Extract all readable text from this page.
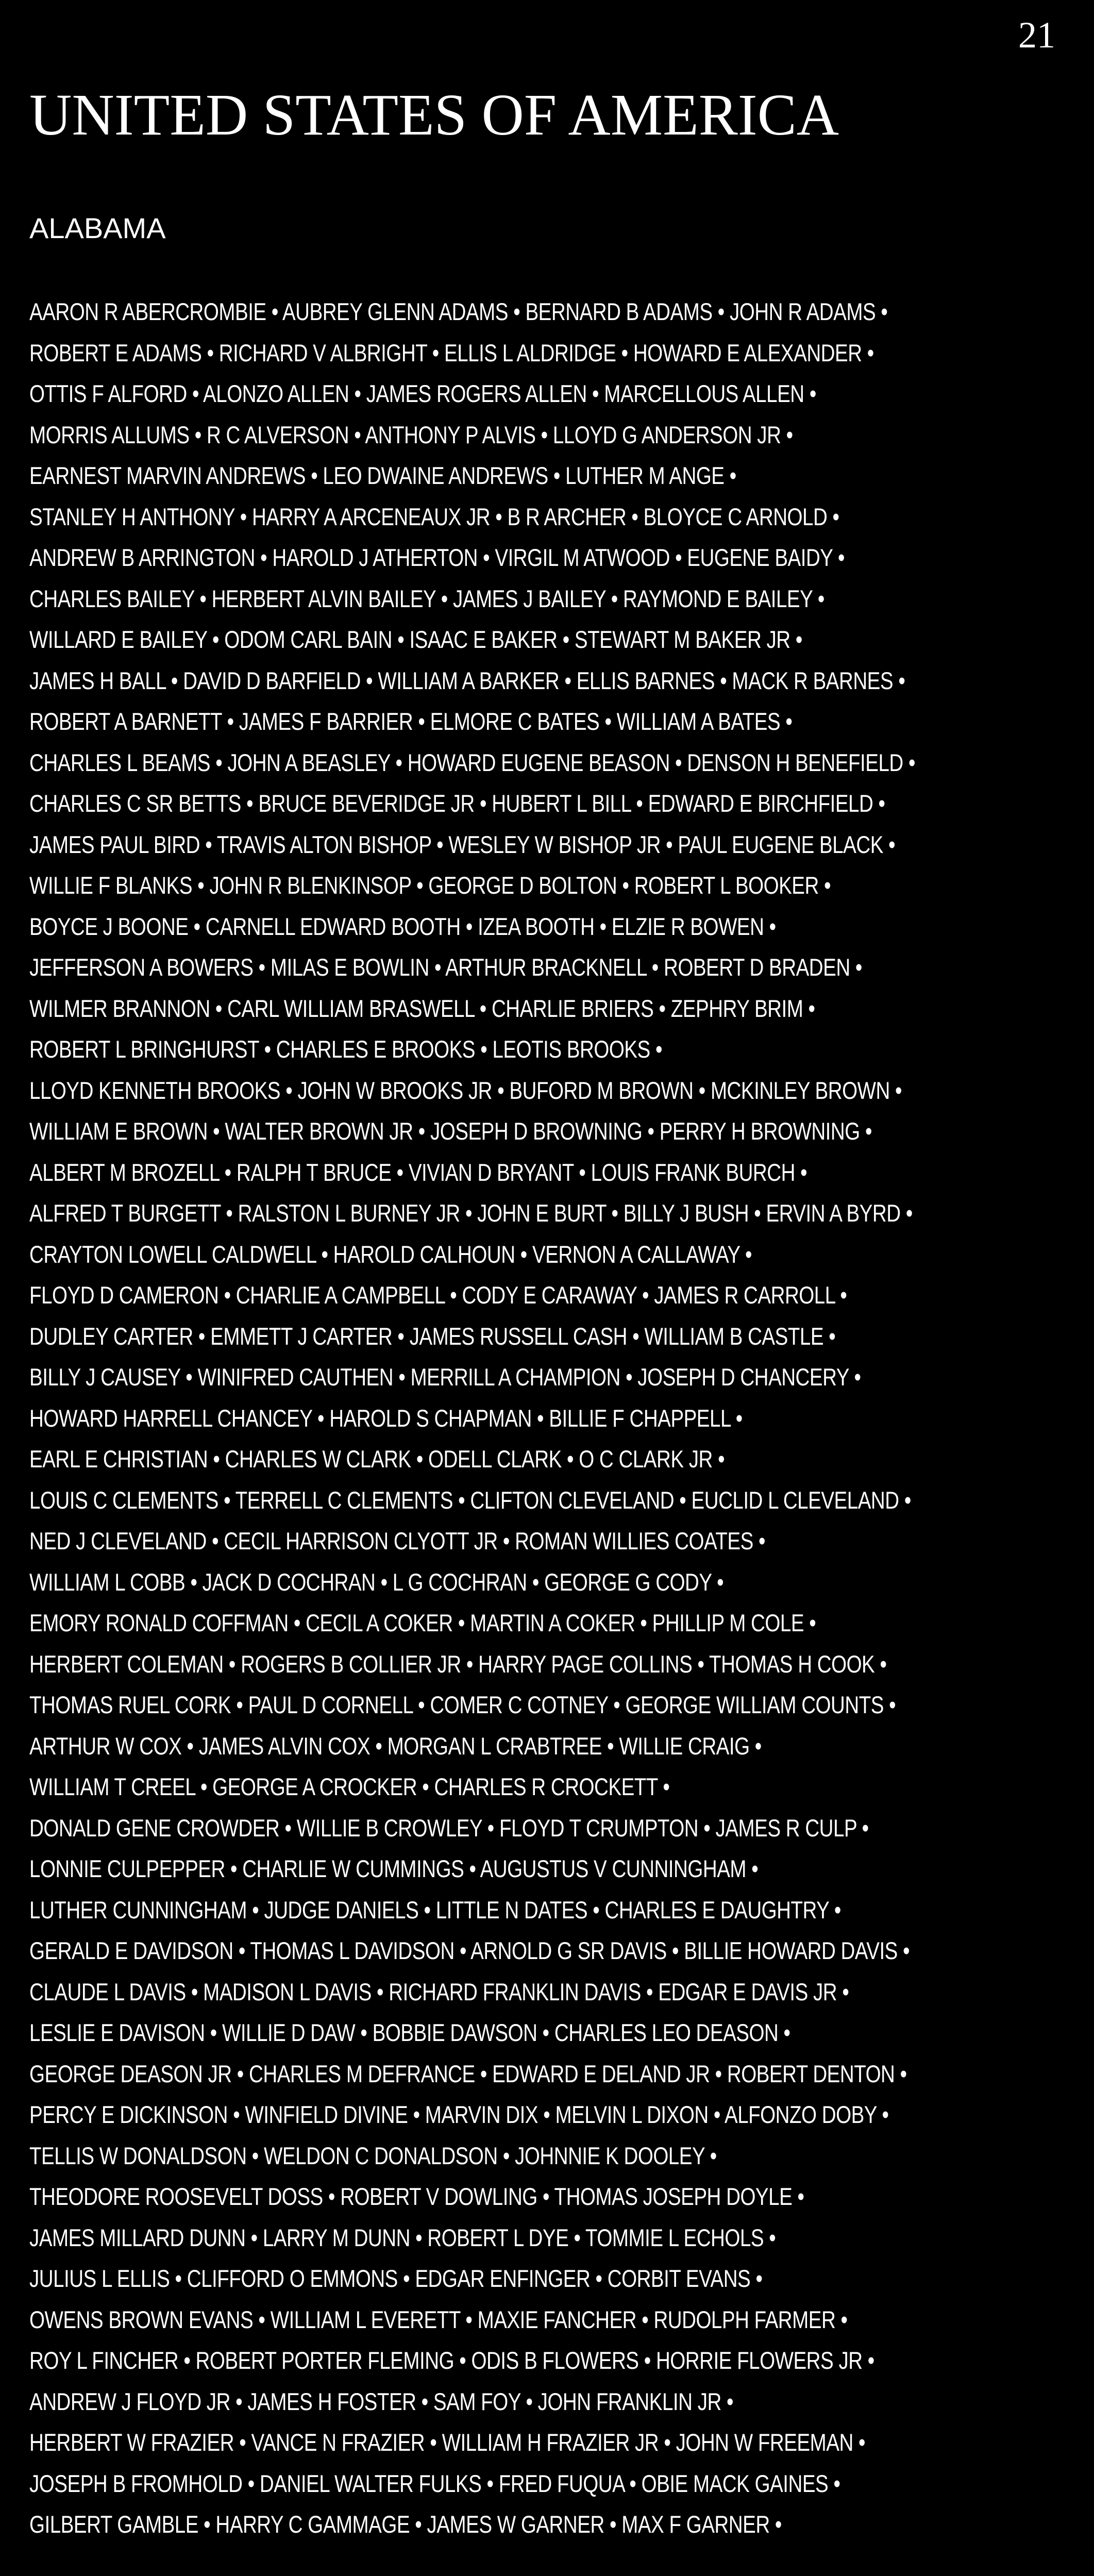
21
UNITED STATES OF AMERICA
ALABAMA
AARON R ABERCROMBIE • AUBREY GLENN ADAMS • BERNARD B ADAMS • JOHN R ADAMS •
ROBERT E ADAMS • RICHARD V ALBRIGHT • ELLIS L ALDRIDGE • HOWARD E ALEXANDER •
OTTIS F ALFORD • ALONZO ALLEN • JAMES ROGERS ALLEN • MARCELLOUS ALLEN •
MORRIS ALLUMS • R C ALVERSON • ANTHONY P ALVIS • LLOYD G ANDERSON JR •
EARNEST MARVIN ANDREWS • LEO DWAINE ANDREWS • LUTHER M ANGE •
STANLEY H ANTHONY • HARRY A ARCENEAUX JR • B R ARCHER • BLOYCE C ARNOLD •
ANDREW B ARRINGTON • HAROLD J ATHERTON • VIRGIL M ATWOOD • EUGENE BAIDY •
CHARLES BAILEY • HERBERT ALVIN BAILEY • JAMES J BAILEY • RAYMOND E BAILEY •
WILLARD E BAILEY • ODOM CARL BAIN • ISAAC E BAKER • STEWART M BAKER JR •
JAMES H BALL • DAVID D BARFIELD • WILLIAM A BARKER • ELLIS BARNES • MACK R BARNES •
ROBERT A BARNETT • JAMES F BARRIER • ELMORE C BATES • WILLIAM A BATES •
CHARLES L BEAMS • JOHN A BEASLEY • HOWARD EUGENE BEASON • DENSON H BENEFIELD •
CHARLES C SR BETTS • BRUCE BEVERIDGE JR • HUBERT L BILL • EDWARD E BIRCHFIELD •
JAMES PAUL BIRD • TRAVIS ALTON BISHOP • WESLEY W BISHOP JR • PAUL EUGENE BLACK •
WILLIE F BLANKS • JOHN R BLENKINSOP • GEORGE D BOLTON • ROBERT L BOOKER •
BOYCE J BOONE • CARNELL EDWARD BOOTH • IZEA BOOTH • ELZIE R BOWEN •
JEFFERSON A BOWERS • MILAS E BOWLIN • ARTHUR BRACKNELL • ROBERT D BRADEN •
WILMER BRANNON • CARL WILLIAM BRASWELL • CHARLIE BRIERS • ZEPHRY BRIM •
ROBERT L BRINGHURST • CHARLES E BROOKS • LEOTIS BROOKS •
LLOYD KENNETH BROOKS • JOHN W BROOKS JR • BUFORD M BROWN • MCKINLEY BROWN •
WILLIAM E BROWN • WALTER BROWN JR • JOSEPH D BROWNING • PERRY H BROWNING •
ALBERT M BROZELL • RALPH T BRUCE • VIVIAN D BRYANT • LOUIS FRANK BURCH •
ALFRED T BURGETT • RALSTON L BURNEY JR • JOHN E BURT • BILLY J BUSH • ERVIN A BYRD •
CRAYTON LOWELL CALDWELL • HAROLD CALHOUN • VERNON A CALLAWAY •
FLOYD D CAMERON • CHARLIE A CAMPBELL • CODY E CARAWAY • JAMES R CARROLL •
DUDLEY CARTER • EMMETT J CARTER • JAMES RUSSELL CASH • WILLIAM B CASTLE •
BILLY J CAUSEY • WINIFRED CAUTHEN • MERRILL A CHAMPION • JOSEPH D CHANCERY •
HOWARD HARRELL CHANCEY • HAROLD S CHAPMAN • BILLIE F CHAPPELL •
EARL E CHRISTIAN • CHARLES W CLARK • ODELL CLARK • O C CLARK JR •
LOUIS C CLEMENTS • TERRELL C CLEMENTS • CLIFTON CLEVELAND • EUCLID L CLEVELAND •
NED J CLEVELAND • CECIL HARRISON CLYOTT JR • ROMAN WILLIES COATES •
WILLIAM L COBB • JACK D COCHRAN • L G COCHRAN • GEORGE G CODY •
EMORY RONALD COFFMAN • CECIL A COKER • MARTIN A COKER • PHILLIP M COLE •
HERBERT COLEMAN • ROGERS B COLLIER JR • HARRY PAGE COLLINS • THOMAS H COOK •
THOMAS RUEL CORK • PAUL D CORNELL • COMER C COTNEY • GEORGE WILLIAM COUNTS •
ARTHUR W COX • JAMES ALVIN COX • MORGAN L CRABTREE • WILLIE CRAIG •
WILLIAM T CREEL • GEORGE A CROCKER • CHARLES R CROCKETT •
DONALD GENE CROWDER • WILLIE B CROWLEY • FLOYD T CRUMPTON • JAMES R CULP •
LONNIE CULPEPPER • CHARLIE W CUMMINGS • AUGUSTUS V CUNNINGHAM •
LUTHER CUNNINGHAM • JUDGE DANIELS • LITTLE N DATES • CHARLES E DAUGHTRY •
GERALD E DAVIDSON • THOMAS L DAVIDSON • ARNOLD G SR DAVIS • BILLIE HOWARD DAVIS •
CLAUDE L DAVIS • MADISON L DAVIS • RICHARD FRANKLIN DAVIS • EDGAR E DAVIS JR •
LESLIE E DAVISON • WILLIE D DAW • BOBBIE DAWSON • CHARLES LEO DEASON •
GEORGE DEASON JR • CHARLES M DEFRANCE • EDWARD E DELAND JR • ROBERT DENTON •
PERCY E DICKINSON • WINFIELD DIVINE • MARVIN DIX • MELVIN L DIXON • ALFONZO DOBY •
TELLIS W DONALDSON • WELDON C DONALDSON • JOHNNIE K DOOLEY •
THEODORE ROOSEVELT DOSS • ROBERT V DOWLING • THOMAS JOSEPH DOYLE •
JAMES MILLARD DUNN • LARRY M DUNN • ROBERT L DYE • TOMMIE L ECHOLS •
JULIUS L ELLIS • CLIFFORD O EMMONS • EDGAR ENFINGER • CORBIT EVANS •
OWENS BROWN EVANS • WILLIAM L EVERETT • MAXIE FANCHER • RUDOLPH FARMER •
ROY L FINCHER • ROBERT PORTER FLEMING • ODIS B FLOWERS • HORRIE FLOWERS JR •
ANDREW J FLOYD JR • JAMES H FOSTER • SAM FOY • JOHN FRANKLIN JR •
HERBERT W FRAZIER • VANCE N FRAZIER • WILLIAM H FRAZIER JR • JOHN W FREEMAN •
JOSEPH B FROMHOLD • DANIEL WALTER FULKS • FRED FUQUA • OBIE MACK GAINES •
GILBERT GAMBLE • HARRY C GAMMAGE • JAMES W GARNER • MAX F GARNER •
